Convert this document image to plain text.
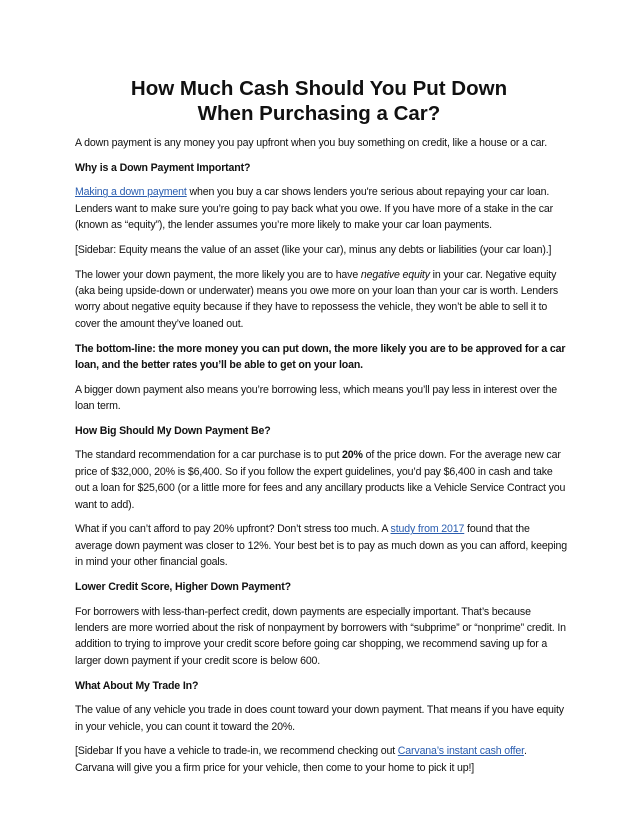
How Much Cash Should You Put Down
When Purchasing a Car?

A down payment is any money you pay upfront when you buy something on credit, like a house or a car.

Why is a Down Payment Important?

Making a down payment when you buy a car shows lenders you're serious about repaying your car loan. Lenders want to make sure you’re going to pay back what you owe. If you have more of a stake in the car (known as “equity”), the lender assumes you’re more likely to make your car loan payments.

[Sidebar: Equity means the value of an asset (like your car), minus any debts or liabilities (your car loan).]

The lower your down payment, the more likely you are to have negative equity in your car. Negative equity (aka being upside-down or underwater) means you owe more on your loan than your car is worth. Lenders worry about negative equity because if they have to repossess the vehicle, they won’t be able to sell it to cover the amount they’ve loaned out.

The bottom-line: the more money you can put down, the more likely you are to be approved for a car loan, and the better rates you’ll be able to get on your loan.

A bigger down payment also means you’re borrowing less, which means you’ll pay less in interest over the loan term.

How Big Should My Down Payment Be?

The standard recommendation for a car purchase is to put 20% of the price down. For the average new car price of $32,000, 20% is $6,400. So if you follow the expert guidelines, you’d pay $6,400 in cash and take out a loan for $25,600 (or a little more for fees and any ancillary products like a Vehicle Service Contract you want to add).

What if you can’t afford to pay 20% upfront? Don’t stress too much. A study from 2017 found that the average down payment was closer to 12%. Your best bet is to pay as much down as you can afford, keeping in mind your other financial goals.

Lower Credit Score, Higher Down Payment?

For borrowers with less-than-perfect credit, down payments are especially important. That’s because lenders are more worried about the risk of nonpayment by borrowers with “subprime” or “nonprime” credit. In addition to trying to improve your credit score before going car shopping, we recommend saving up for a larger down payment if your credit score is below 600.

What About My Trade In?

The value of any vehicle you trade in does count toward your down payment. That means if you have equity in your vehicle, you can count it toward the 20%.

[Sidebar If you have a vehicle to trade-in, we recommend checking out Carvana’s instant cash offer. Carvana will give you a firm price for your vehicle, then come to your home to pick it up!]
